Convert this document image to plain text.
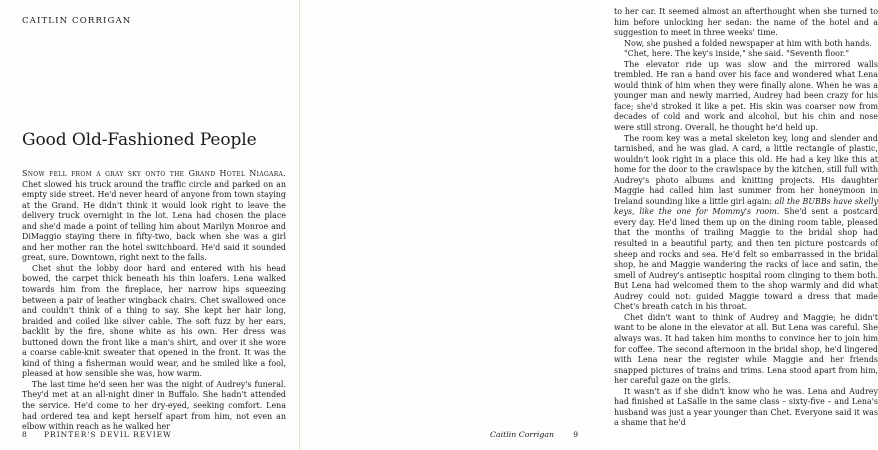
CAITLIN CORRIGAN
Good Old-Fashioned People

Snow fell from a gray sky onto the Grand Hotel Niagara. Chet slowed his truck around the traffic circle and parked on an empty side street. He'd never heard of anyone from town staying at the Grand. He didn't think it would look right to leave the delivery truck overnight in the lot. Lena had chosen the place and she'd made a point of telling him about Marilyn Monroe and DiMaggio staying there in fifty-two, back when she was a girl and her mother ran the hotel switchboard. He'd said it sounded great, sure. Downtown, right next to the falls.

Chet shut the lobby door hard and entered with his head bowed, the carpet thick beneath his thin loafers. Lena walked towards him from the fireplace, her narrow hips squeezing between a pair of leather wingback chairs. Chet swallowed once and couldn't think of a thing to say. She kept her hair long, braided and coiled like silver cable. The soft fuzz by her ears, backlit by the fire, shone white as his own. Her dress was buttoned down the front like a man's shirt, and over it she wore a coarse cable-knit sweater that opened in the front. It was the kind of thing a fisherman would wear, and he smiled like a fool, pleased at how sensible she was, how warm.

The last time he'd seen her was the night of Audrey's funeral. They'd met at an all-night diner in Buffalo. She hadn't attended the service. He'd come to her dry-eyed, seeking comfort. Lena had ordered tea and kept herself apart from him, not even an elbow within reach as he walked her

8 PRINTER'S DEVIL REVIEW

to her car. It seemed almost an afterthought when she turned to him before unlocking her sedan: the name of the hotel and a suggestion to meet in three weeks' time.

Now, she pushed a folded newspaper at him with both hands.

"Chet, here. The key's inside," she said. "Seventh floor."

The elevator ride up was slow and the mirrored walls trembled. He ran a hand over his face and wondered what Lena would think of him when they were finally alone. When he was a younger man and newly married, Audrey had been crazy for his face; she'd stroked it like a pet. His skin was coarser now from decades of cold and work and alcohol, but his chin and nose were still strong. Overall, he thought he'd held up.

The room key was a metal skeleton key, long and slender and tarnished, and he was glad. A card, a little rectangle of plastic, wouldn't look right in a place this old. He had a key like this at home for the door to the crawlspace by the kitchen, still full with Audrey's photo albums and knitting projects. His daughter Maggie had called him last summer from her honeymoon in Ireland sounding like a little girl again: all the BUBBs have skelly keys, like the one for Mommy's room. She'd sent a postcard every day. He'd lined them up on the dining room table, pleased that the months of trailing Maggie to the bridal shop had resulted in a beautiful party, and then ten picture postcards of sheep and rocks and sea. He'd felt so embarrassed in the bridal shop, he and Maggie wandering the racks of lace and satin, the smell of Audrey's antiseptic hospital room clinging to them both. But Lena had welcomed them to the shop warmly and did what Audrey could not: guided Maggie toward a dress that made Chet's breath catch in his throat.

Chet didn't want to think of Audrey and Maggie; he didn't want to be alone in the elevator at all. But Lena was careful. She always was. It had taken him months to convince her to join him for coffee. The second afternoon in the bridal shop, he'd lingered with Lena near the register while Maggie and her friends snapped pictures of trains and trims. Lena stood apart from him, her careful gaze on the girls.

It wasn't as if she didn't know who he was. Lena and Audrey had finished at LaSalle in the same class – sixty-five – and Lena's husband was just a year younger than Chet. Everyone said it was a shame that he'd

Caitlin Corrigan	9
